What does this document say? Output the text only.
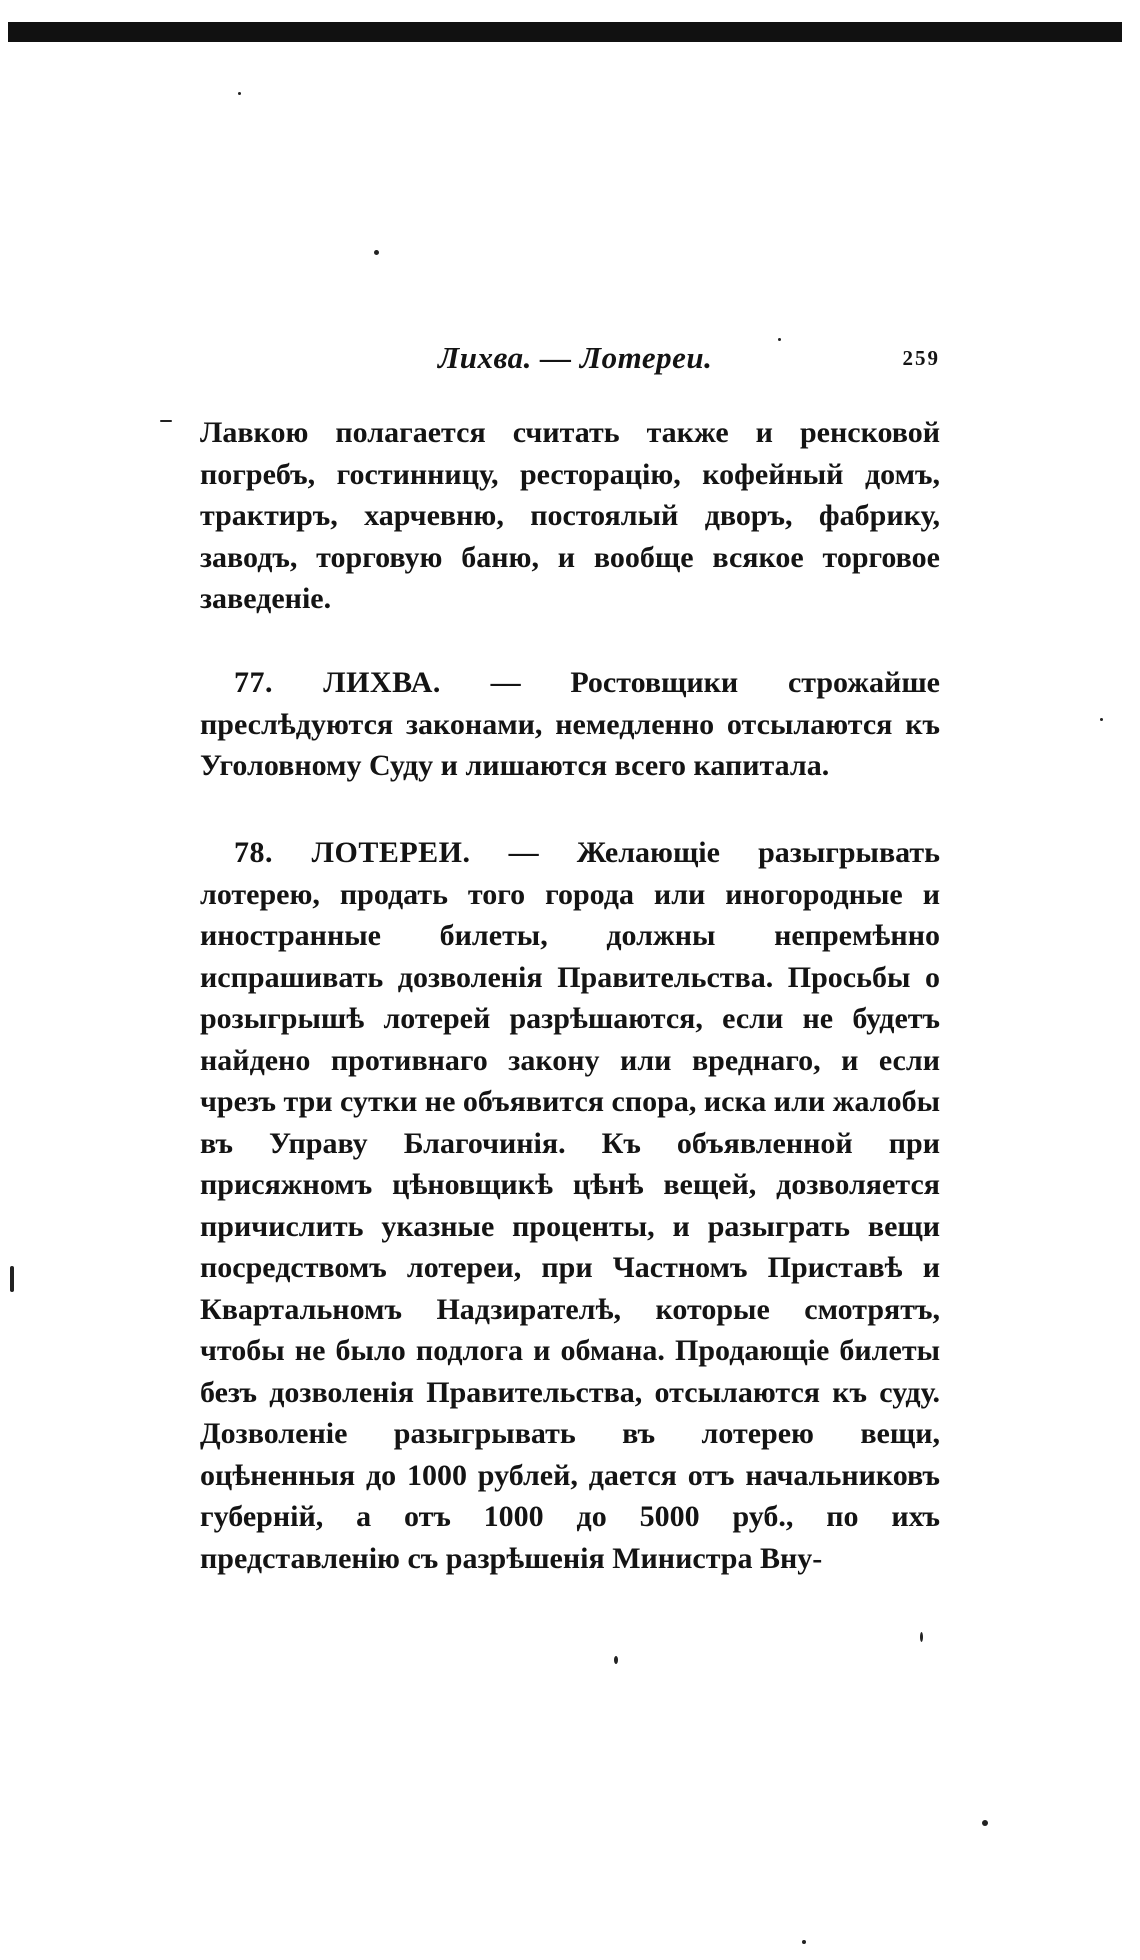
Лихва. — Лотереи.	259
Лавкою полагается считать также и ренсковой погребъ, гостинницу, ресторацію, кофейный домъ, трактиръ, харчевню, постоялый дворъ, фабрику, заводъ, торговую баню, и вообще всякое торговое заведеніе.
77. ЛИХВА. — Ростовщики строжайше преслѣдуются законами, немедленно отсылаются къ Уголовному Суду и лишаются всего капитала.
78. ЛОТЕРЕИ. — Желающіе разыгрывать лотерею, продать того города или иногородные и иностранные билеты, должны непремѣнно испрашивать дозволенія Правительства. Просьбы о розыгрышѣ лотерей разрѣшаются, если не будетъ найдено противнаго закону или вреднаго, и если чрезъ три сутки не объявится спора, иска или жалобы въ Управу Благочинія. Къ объявленной при присяжномъ цѣновщикѣ цѣнѣ вещей, дозволяется причислить указные проценты, и разыграть вещи посредствомъ лотереи, при Частномъ Приставѣ и Квартальномъ Надзирателѣ, которые смотрятъ, чтобы не было подлога и обмана. Продающіе билеты безъ дозволенія Правительства, отсылаются къ суду. Дозволеніе разыгрывать въ лотерею вещи, оцѣненныя до 1000 рублей, дается отъ начальниковъ губерній, а отъ 1000 до 5000 руб., по ихъ представленію съ разрѣшенія Министра Вну-
